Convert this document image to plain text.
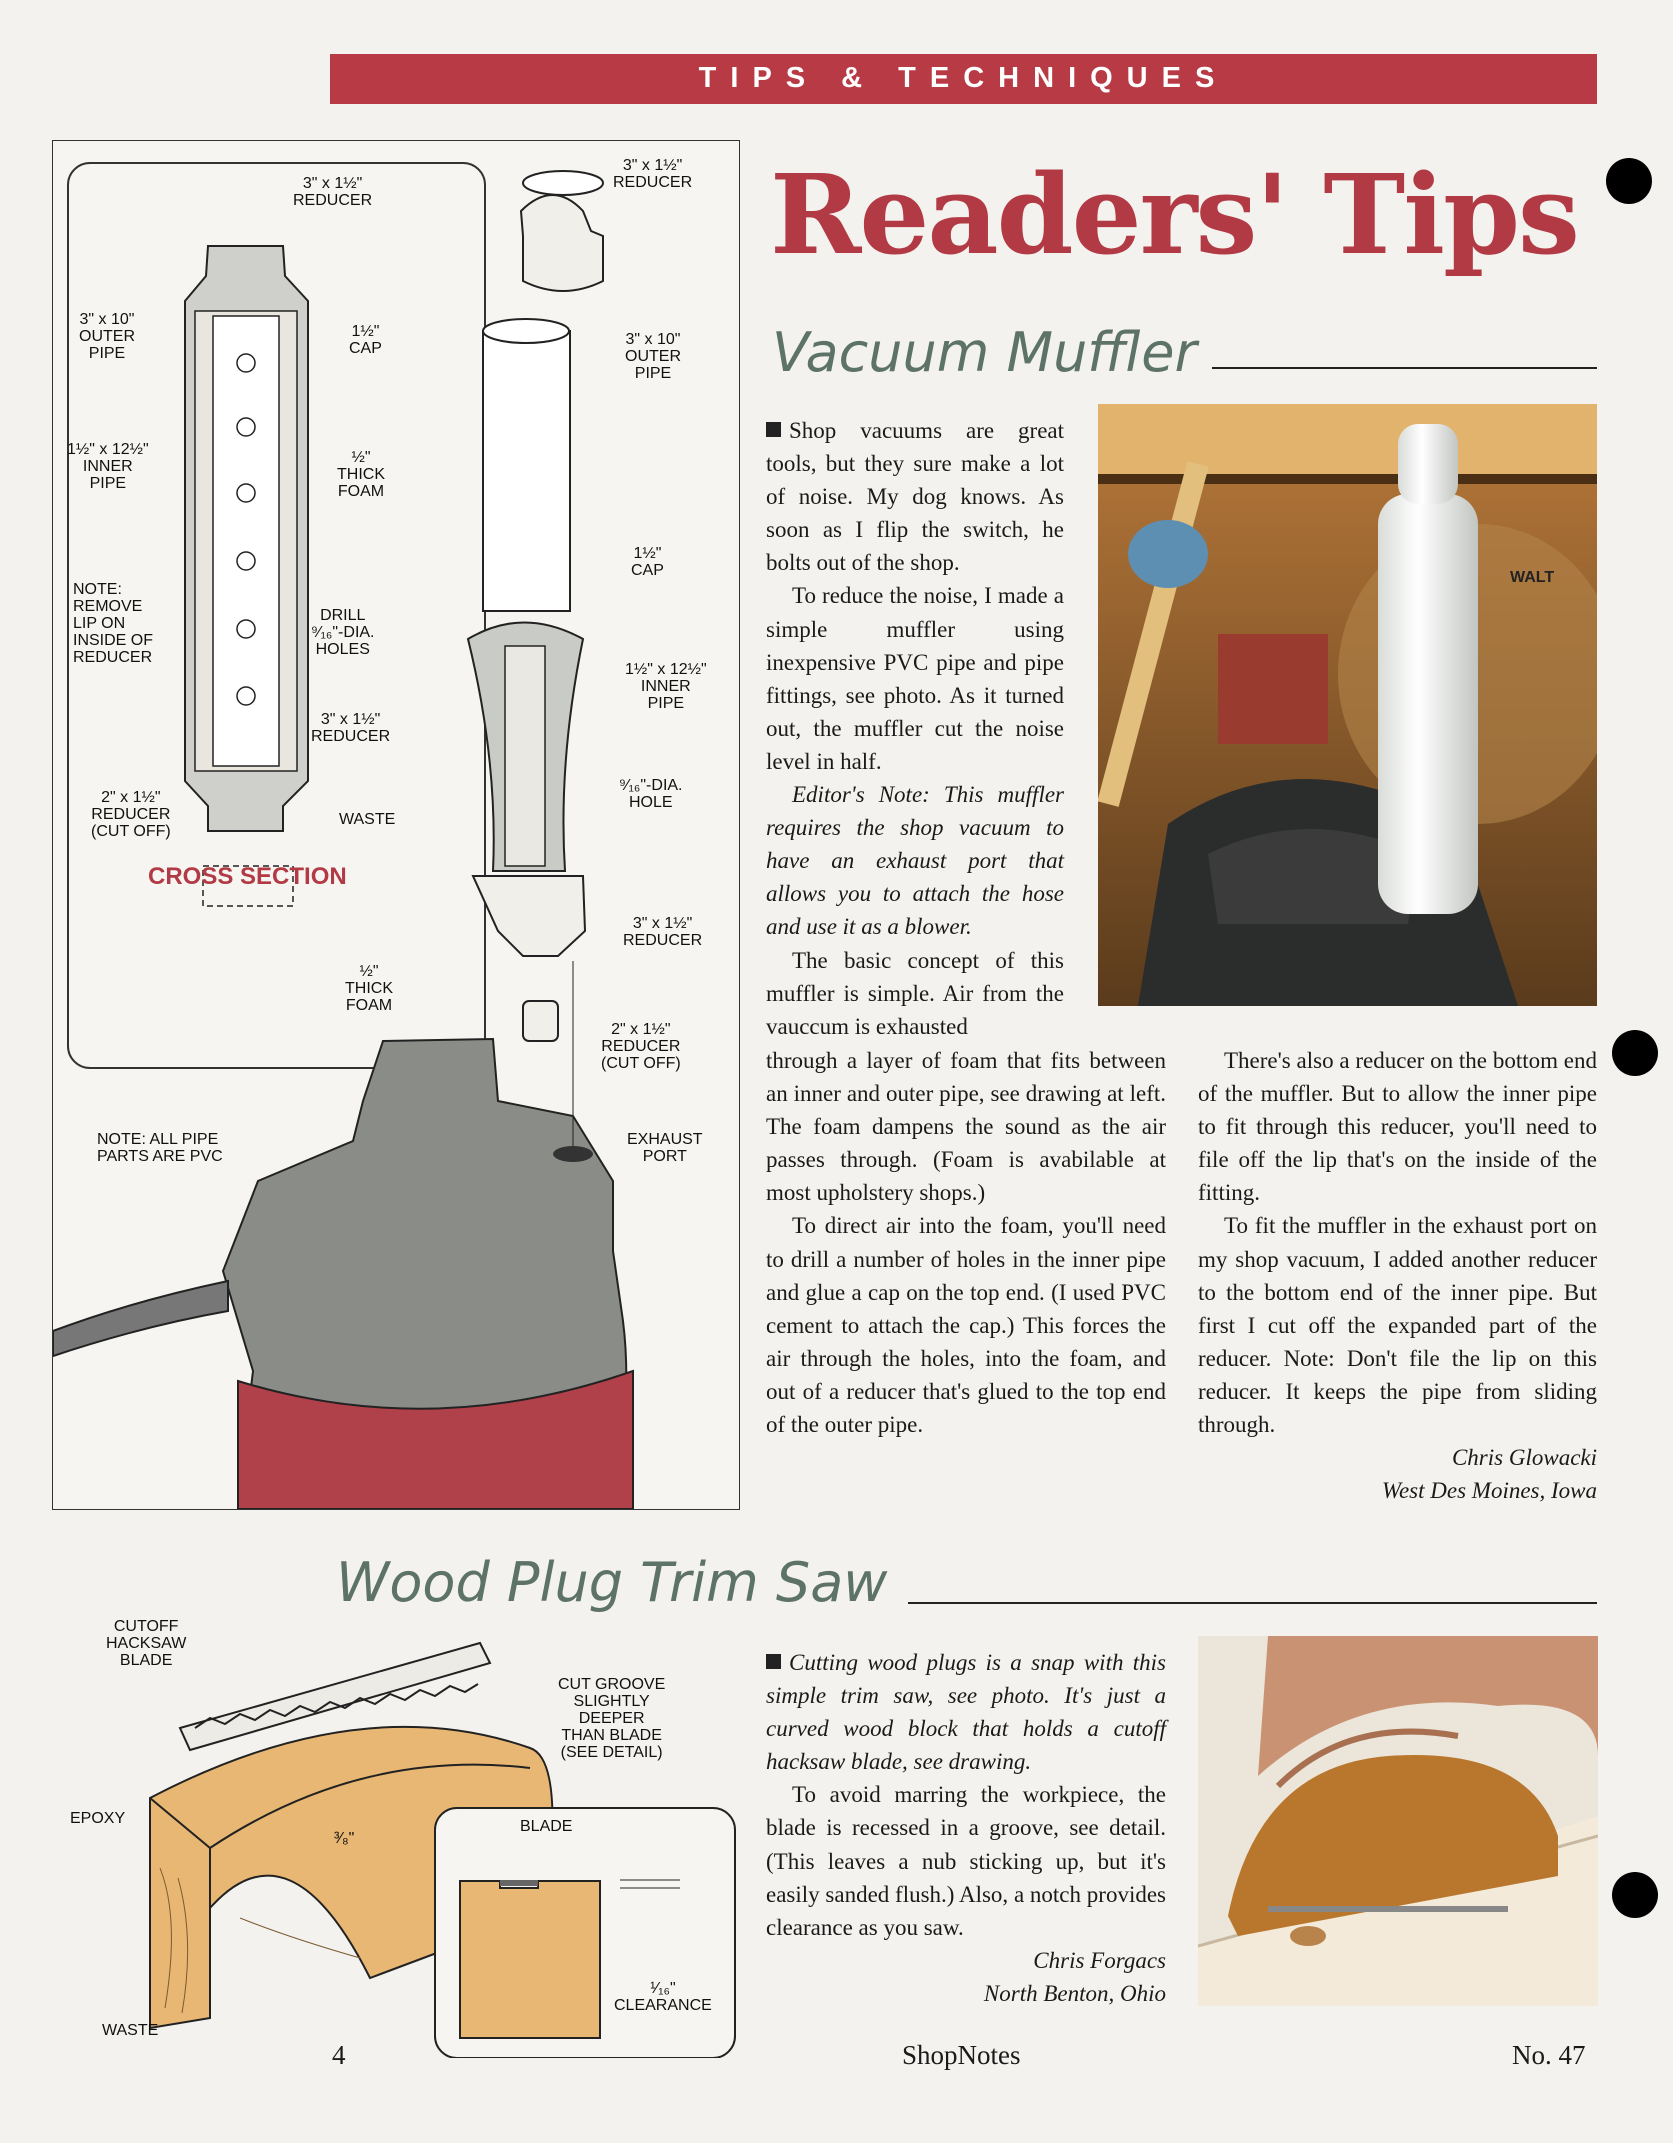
TIPS & TECHNIQUES
Readers' Tips
3" x 1½"
REDUCER
3" x 10"
OUTER
PIPE
1½"
CAP
1½" x 12½"
INNER
PIPE
½"
THICK
FOAM
NOTE:
REMOVE
LIP ON
INSIDE OF
REDUCER
DRILL
⁹⁄₁₆"-DIA.
HOLES
3" x 1½"
REDUCER
2" x 1½"
REDUCER
(CUT OFF)
WASTE
CROSS SECTION
3" x 1½"
REDUCER
3" x 10"
OUTER
PIPE
1½"
CAP
1½" x 12½"
INNER
PIPE
⁹⁄₁₆"-DIA.
HOLE
3" x 1½"
REDUCER
½"
THICK
FOAM
2" x 1½"
REDUCER
(CUT OFF)
EXHAUST
PORT
NOTE: ALL PIPE
PARTS ARE PVC
Vacuum Muffler

Shop vacuums are great tools, but they sure make a lot of noise. My dog knows. As soon as I flip the switch, he bolts out of the shop.

To reduce the noise, I made a simple muffler using inexpensive PVC pipe and pipe fittings, see photo. As it turned out, the muffler cut the noise level in half.

Editor's Note: This muffler requires the shop vacuum to have an exhaust port that allows you to attach the hose and use it as a blower.

The basic concept of this muffler is simple. Air from the vauccum is exhausted

WALT

through a layer of foam that fits between an inner and outer pipe, see drawing at left. The foam dampens the sound as the air passes through. (Foam is avabilable at most upholstery shops.)

To direct air into the foam, you'll need to drill a number of holes in the inner pipe and glue a cap on the top end. (I used PVC cement to attach the cap.) This forces the air through the holes, into the foam, and out of a reducer that's glued to the top end of the outer pipe.

There's also a reducer on the bottom end of the muffler. But to allow the inner pipe to fit through this reducer, you'll need to file off the lip that's on the inside of the fitting.

To fit the muffler in the exhaust port on my shop vacuum, I added another reducer to the bottom end of the inner pipe. But first I cut off the expanded part of the reducer. Note: Don't file the lip on this reducer. It keeps the pipe from sliding through.

Chris Glowacki
West Des Moines, Iowa
Wood Plug Trim Saw
CUTOFF
HACKSAW
BLADE
CUT GROOVE
SLIGHTLY
DEEPER
THAN BLADE
(SEE DETAIL)
EPOXY
³⁄₈"
BLADE
¹⁄₁₆"
CLEARANCE
WASTE

Cutting wood plugs is a snap with this simple trim saw, see photo. It's just a curved wood block that holds a cutoff hacksaw blade, see drawing.

To avoid marring the workpiece, the blade is recessed in a groove, see detail. (This leaves a nub sticking up, but it's easily sanded flush.) Also, a notch provides clearance as you saw.

Chris Forgacs
North Benton, Ohio
4	ShopNotes	No. 47
